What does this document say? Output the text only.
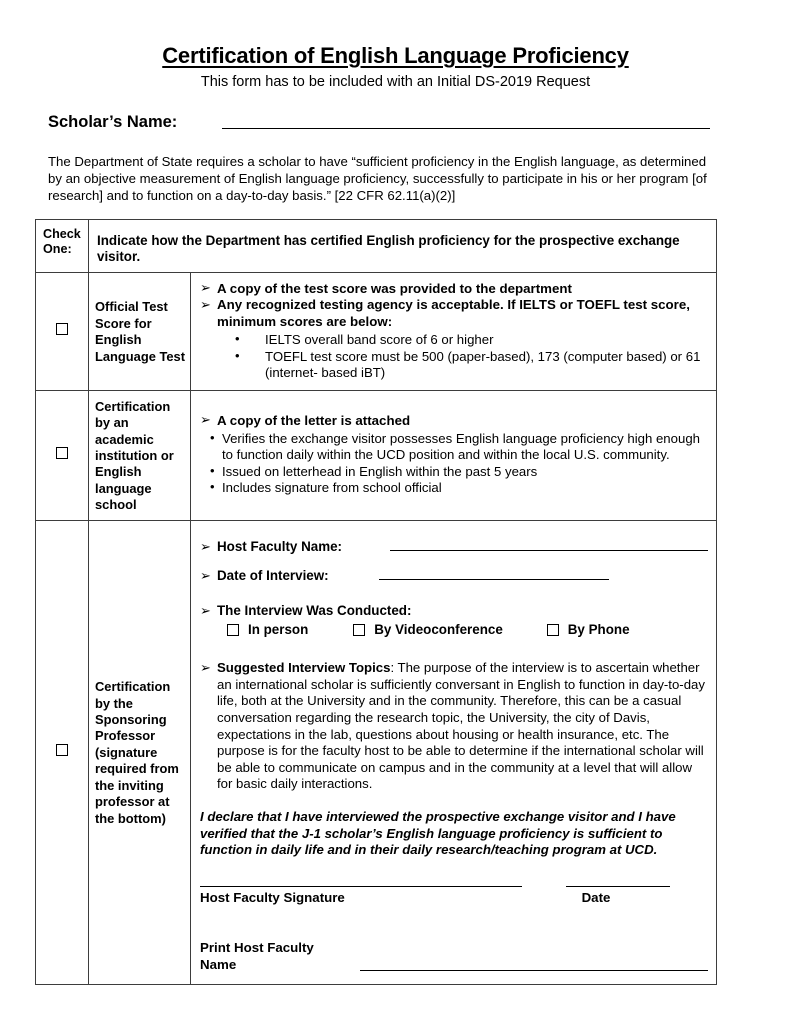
Certification of English Language Proficiency
This form has to be included with an Initial DS-2019 Request
Scholar’s Name:

The Department of State requires a scholar to have “sufficient proficiency in the English language, as determined by an objective measurement of English language proficiency, successfully to participate in his or her program [of research] and to function on a day-to-day basis.” [22 CFR 62.11(a)(2)]

Check One:	Indicate how the Department has certified English proficiency for the prospective exchange visitor.	
	Official Test Score for English Language Test	
➢ A copy of the test score was provided to the department
➢ Any recognized testing agency is acceptable. If IELTS or TOEFL test score, minimum scores are below:
• IELTS overall band score of 6 or higher
• TOEFL test score must be 500 (paper-based), 173 (computer based) or 61 (internet- based iBT)

	Certification by an academic institution or English language school	
➢ A copy of the letter is attached
• Verifies the exchange visitor possesses English language proficiency high enough to function daily within the UCD position and within the local U.S. community.
• Issued on letterhead in English within the past 5 years
• Includes signature from school official

	Certification by the Sponsoring Professor (signature required from the inviting professor at the bottom)	
➢ Host Faculty Name:
➢ Date of Interview:
➢ The Interview Was Conducted:
In person	By Videoconference	By Phone
➢ Suggested Interview Topics: The purpose of the interview is to ascertain whether an international scholar is sufficiently conversant in English to function in day-to-day life, both at the University and in the community. Therefore, this can be a casual conversation regarding the research topic, the University, the city of Davis, expectations in the lab, questions about housing or health insurance, etc. The purpose is for the faculty host to be able to determine if the international scholar will be able to communicate on campus and in the community at a level that will allow for basic daily interactions.
I declare that I have interviewed the prospective exchange visitor and I have verified that the J-1 scholar’s English language proficiency is sufficient to function in daily life and in their daily research/teaching program at UCD.
Host Faculty Signature	Date
Print Host Faculty Name
